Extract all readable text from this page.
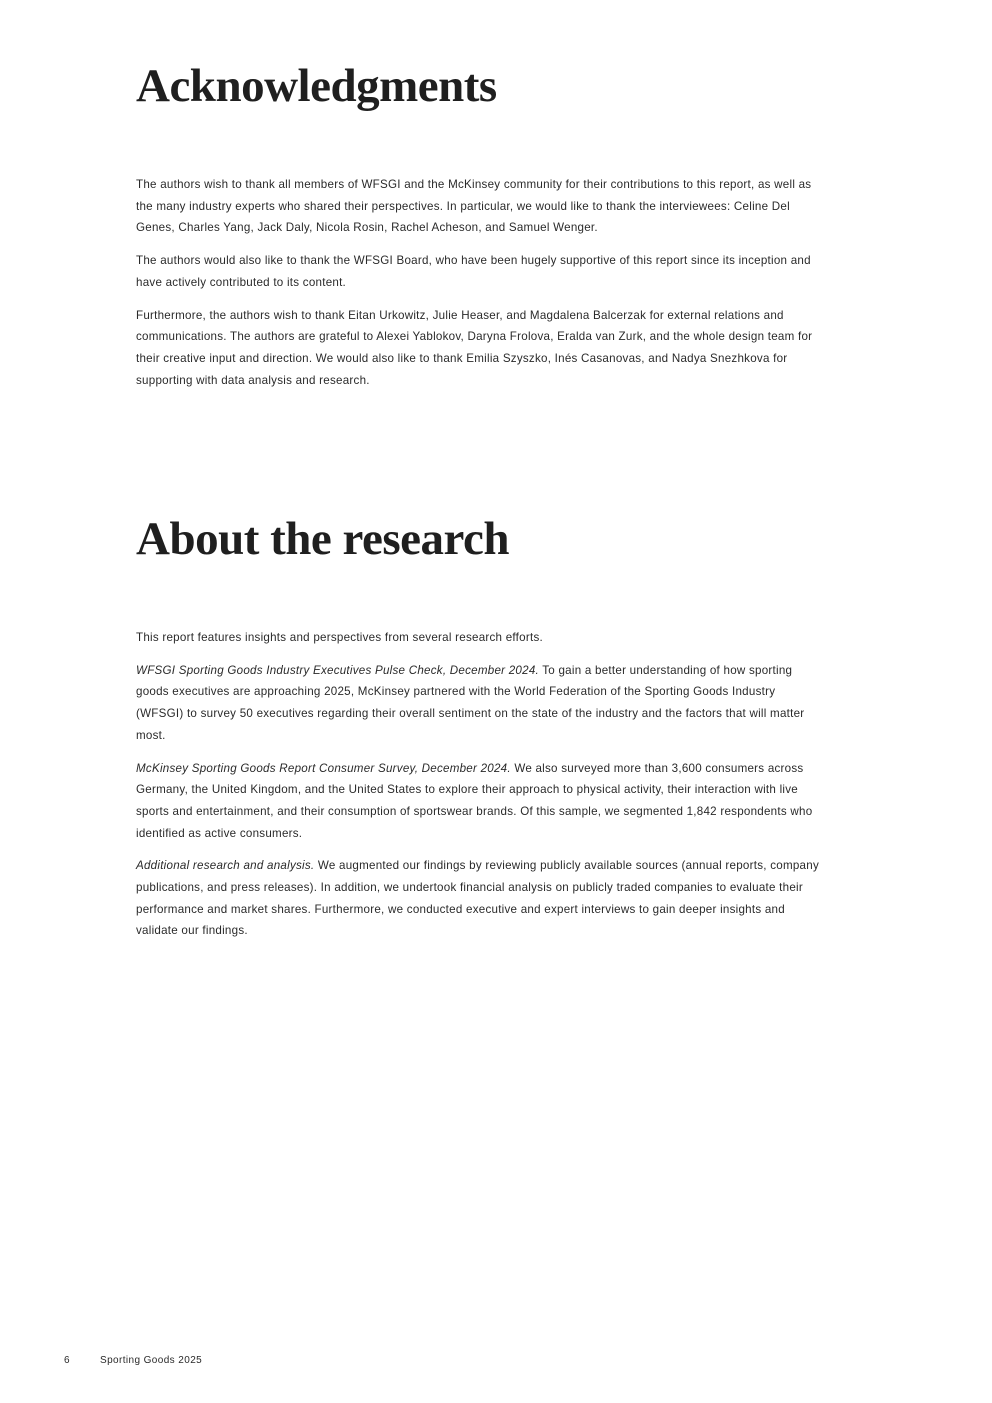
Acknowledgments

The authors wish to thank all members of WFSGI and the McKinsey community for their contributions to this report, as well as the many industry experts who shared their perspectives. In particular, we would like to thank the interviewees: Celine Del Genes, Charles Yang, Jack Daly, Nicola Rosin, Rachel Acheson, and Samuel Wenger.

The authors would also like to thank the WFSGI Board, who have been hugely supportive of this report since its inception and have actively contributed to its content.

Furthermore, the authors wish to thank Eitan Urkowitz, Julie Heaser, and Magdalena Balcerzak for external relations and communications. The authors are grateful to Alexei Yablokov, Daryna Frolova, Eralda van Zurk, and the whole design team for their creative input and direction. We would also like to thank Emilia Szyszko, Inés Casanovas, and Nadya Snezhkova for supporting with data analysis and research.

About the research

This report features insights and perspectives from several research efforts.

WFSGI Sporting Goods Industry Executives Pulse Check, December 2024. To gain a better understanding of how sporting goods executives are approaching 2025, McKinsey partnered with the World Federation of the Sporting Goods Industry (WFSGI) to survey 50 executives regarding their overall sentiment on the state of the industry and the factors that will matter most.

McKinsey Sporting Goods Report Consumer Survey, December 2024. We also surveyed more than 3,600 consumers across Germany, the United Kingdom, and the United States to explore their approach to physical activity, their interaction with live sports and entertainment, and their consumption of sportswear brands. Of this sample, we segmented 1,842 respondents who identified as active consumers.

Additional research and analysis. We augmented our findings by reviewing publicly available sources (annual reports, company publications, and press releases). In addition, we undertook financial analysis on publicly traded companies to evaluate their performance and market shares. Furthermore, we conducted executive and expert interviews to gain deeper insights and validate our findings.

6	Sporting Goods 2025
